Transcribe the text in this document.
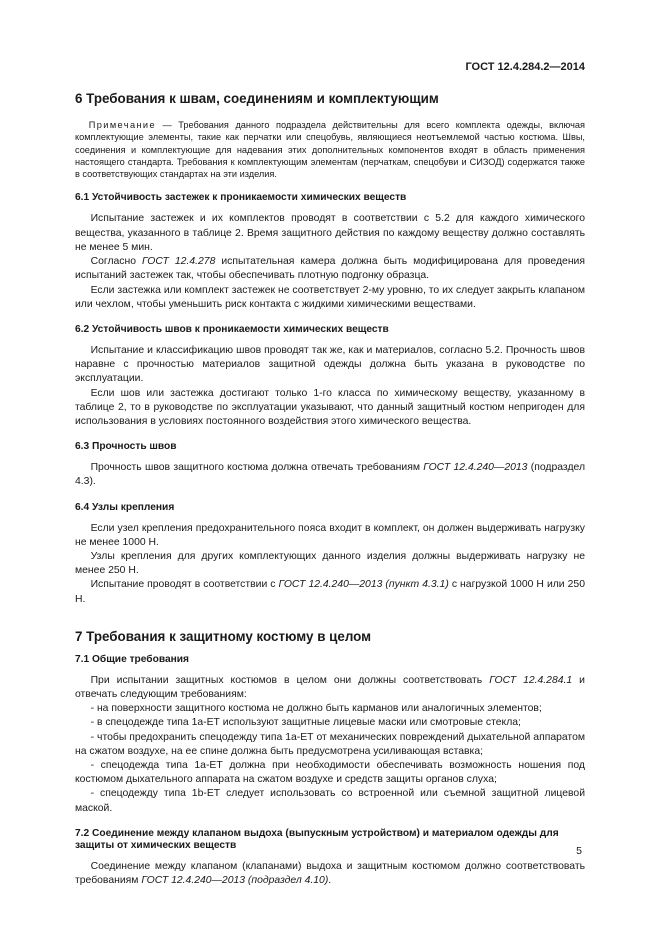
ГОСТ 12.4.284.2—2014
6 Требования к швам, соединениям и комплектующим

Примечание — Требования данного подраздела действительны для всего комплекта одежды, включая комплектующие элементы, такие как перчатки или спецобувь, являющиеся неотъемлемой частью костюма. Швы, соединения и комплектующие для надевания этих дополнительных компонентов входят в область применения настоящего стандарта. Требования к комплектующим элементам (перчаткам, спецобуви и СИЗОД) содержатся также в соответствующих стандартах на эти изделия.

6.1 Устойчивость застежек к проникаемости химических веществ

Испытание застежек и их комплектов проводят в соответствии с 5.2 для каждого химического вещества, указанного в таблице 2. Время защитного действия по каждому веществу должно составлять не менее 5 мин.

Согласно ГОСТ 12.4.278 испытательная камера должна быть модифицирована для проведения испытаний застежек так, чтобы обеспечивать плотную подгонку образца.

Если застежка или комплект застежек не соответствует 2-му уровню, то их следует закрыть клапаном или чехлом, чтобы уменьшить риск контакта с жидкими химическими веществами.

6.2 Устойчивость швов к проникаемости химических веществ

Испытание и классификацию швов проводят так же, как и материалов, согласно 5.2. Прочность швов наравне с прочностью материалов защитной одежды должна быть указана в руководстве по эксплуатации.

Если шов или застежка достигают только 1-го класса по химическому веществу, указанному в таблице 2, то в руководстве по эксплуатации указывают, что данный защитный костюм непригоден для использования в условиях постоянного воздействия этого химического вещества.

6.3 Прочность швов

Прочность швов защитного костюма должна отвечать требованиям ГОСТ 12.4.240—2013 (подраздел 4.3).

6.4 Узлы крепления

Если узел крепления предохранительного пояса входит в комплект, он должен выдерживать нагрузку не менее 1000 Н.

Узлы крепления для других комплектующих данного изделия должны выдерживать нагрузку не менее 250 Н.

Испытание проводят в соответствии с ГОСТ 12.4.240—2013 (пункт 4.3.1) с нагрузкой 1000 Н или 250 Н.

7 Требования к защитному костюму в целом
7.1 Общие требования

При испытании защитных костюмов в целом они должны соответствовать ГОСТ 12.4.284.1 и отвечать следующим требованиям:

- на поверхности защитного костюма не должно быть карманов или аналогичных элементов;

- в спецодежде типа 1а-ЕТ используют защитные лицевые маски или смотровые стекла;

- чтобы предохранить спецодежду типа 1а-ЕТ от механических повреждений дыхательной аппаратом на сжатом воздухе, на ее спине должна быть предусмотрена усиливающая вставка;

- спецодежда типа 1а-ЕТ должна при необходимости обеспечивать возможность ношения под костюмом дыхательного аппарата на сжатом воздухе и средств защиты органов слуха;

- спецодежду типа 1b-ЕТ следует использовать со встроенной или съемной защитной лицевой маской.

7.2 Соединение между клапаном выдоха (выпускным устройством) и материалом одежды для защиты от химических веществ

Соединение между клапаном (клапанами) выдоха и защитным костюмом должно соответствовать требованиям ГОСТ 12.4.240—2013 (подраздел 4.10).

5
